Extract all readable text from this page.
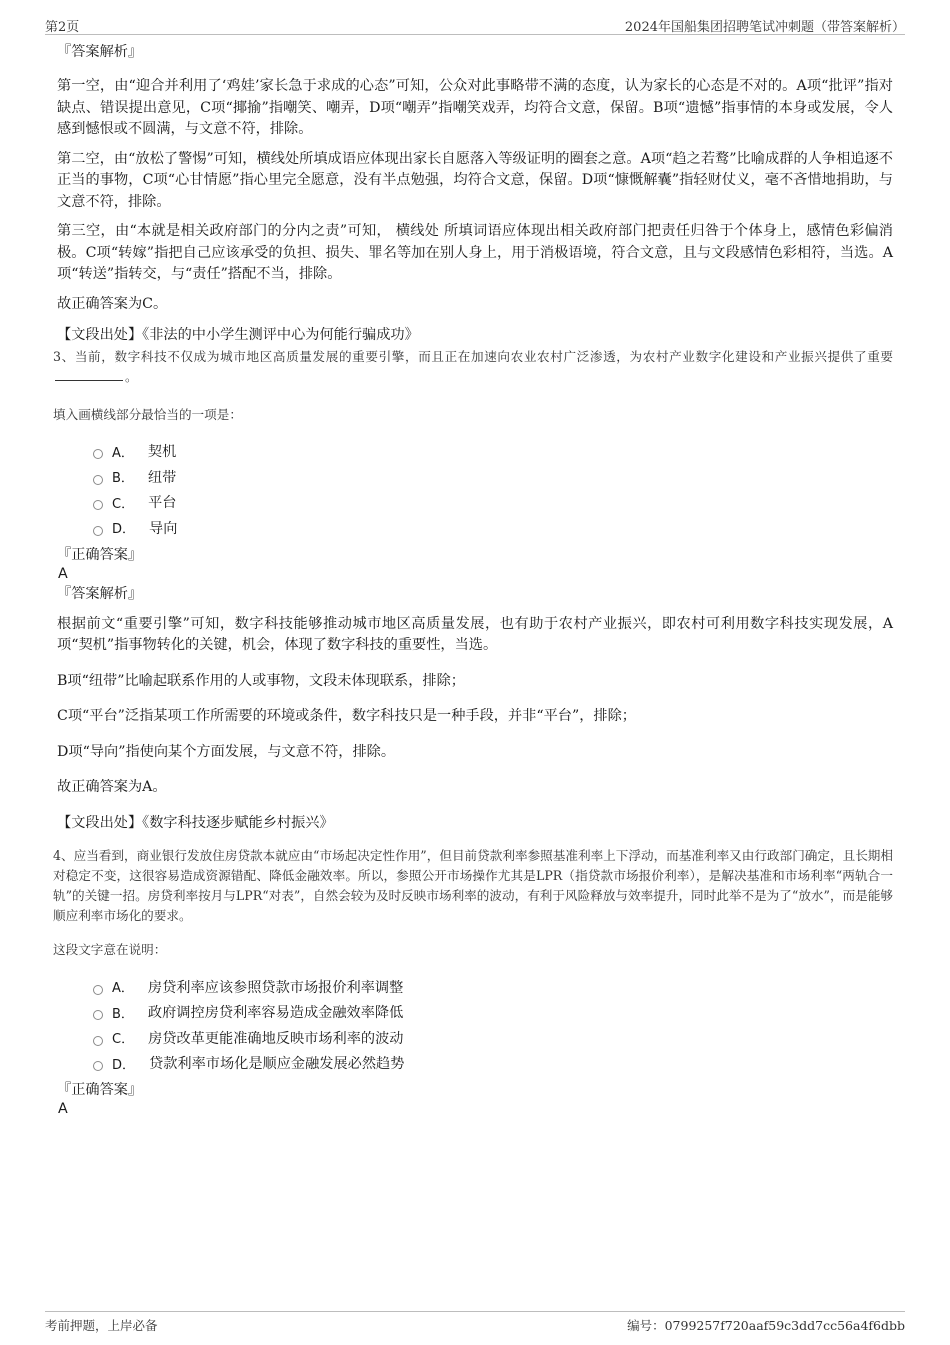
第2页	2024年国船集团招聘笔试冲刺题（带答案解析）

『答案解析』

第一空，由“迎合并利用了‘鸡娃’家长急于求成的心态”可知，公众对此事略带不满的态度，认为家长的心态是不对的。A项“批评”指对缺点、错误提出意见，C项“揶揄”指嘲笑、嘲弄，D项“嘲弄”指嘲笑戏弄，均符合文意，保留。B项“遗憾”指事情的本身或发展，令人感到憾恨或不圆满，与文意不符，排除。

第二空，由“放松了警惕”可知，横线处所填成语应体现出家长自愿落入等级证明的圈套之意。A项“趋之若鹜”比喻成群的人争相追逐不正当的事物，C项“心甘情愿”指心里完全愿意，没有半点勉强，均符合文意，保留。D项“慷慨解囊”指轻财仗义，毫不吝惜地捐助，与文意不符，排除。

第三空，由“本就是相关政府部门的分内之责”可知， 横线处 所填词语应体现出相关政府部门把责任归咎于个体身上，感情色彩偏消极。C项“转嫁”指把自己应该承受的负担、损失、罪名等加在别人身上，用于消极语境，符合文意，且与文段感情色彩相符，当选。A项“转送”指转交，与“责任”搭配不当，排除。

故正确答案为C。

【文段出处】《非法的中小学生测评中心为何能行骗成功》

3、当前，数字科技不仅成为城市地区高质量发展的重要引擎，而且正在加速向农业农村广泛渗透，为农村产业数字化建设和产业振兴提供了重要。

填入画横线部分最恰当的一项是：

A． 契机
B． 纽带
C． 平台
D． 导向

『正确答案』

A

『答案解析』

根据前文“重要引擎”可知，数字科技能够推动城市地区高质量发展，也有助于农村产业振兴，即农村可利用数字科技实现发展，A项“契机”指事物转化的关键，机会，体现了数字科技的重要性，当选。

B项“纽带”比喻起联系作用的人或事物，文段未体现联系，排除；

C项“平台”泛指某项工作所需要的环境或条件，数字科技只是一种手段，并非“平台”，排除；

D项“导向”指使向某个方面发展，与文意不符，排除。

故正确答案为A。

【文段出处】《数字科技逐步赋能乡村振兴》

4、应当看到，商业银行发放住房贷款本就应由“市场起决定性作用”，但目前贷款利率参照基准利率上下浮动，而基准利率又由行政部门确定，且长期相对稳定不变，这很容易造成资源错配、降低金融效率。所以，参照公开市场操作尤其是LPR（指贷款市场报价利率），是解决基准和市场利率“两轨合一轨”的关键一招。房贷利率按月与LPR“对表”，自然会较为及时反映市场利率的波动，有利于风险释放与效率提升，同时此举不是为了“放水”，而是能够顺应利率市场化的要求。

这段文字意在说明：

A． 房贷利率应该参照贷款市场报价利率调整
B． 政府调控房贷利率容易造成金融效率降低
C． 房贷改革更能准确地反映市场利率的波动
D． 贷款利率市场化是顺应金融发展必然趋势

『正确答案』

A

考前押题，上岸必备	编号：0799257f720aaf59c3dd7cc56a4f6dbb
